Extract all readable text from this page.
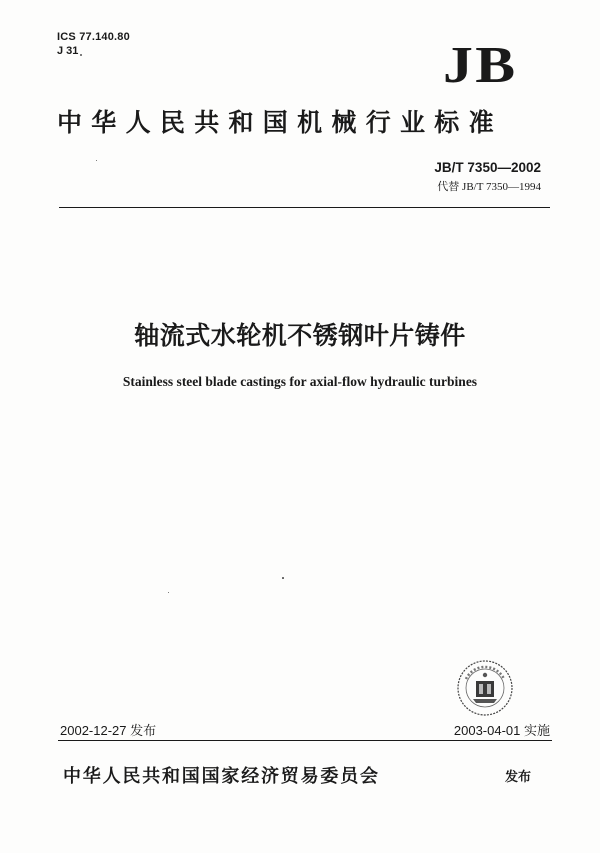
ICS 77.140.80
J 31	JB
中华人民共和国机械行业标准
JB/T 7350—2002
代替 JB/T 7350—1994
轴流式水轮机不锈钢叶片铸件
Stainless steel blade castings for axial-flow hydraulic turbines
2002-12-27 发布	2003-04-01 实施
中华人民共和国国家经济贸易委员会	发布
